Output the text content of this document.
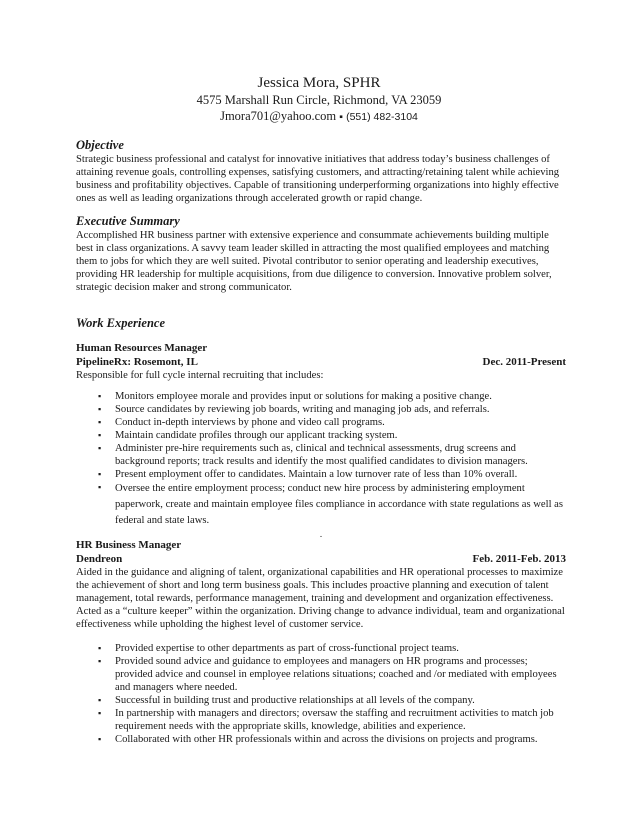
Jessica Mora, SPHR
4575 Marshall Run Circle, Richmond, VA 23059
Jmora701@yahoo.com ▪ (551) 482-3104

Objective

Strategic business professional and catalyst for innovative initiatives that address today’s business challenges of attaining revenue goals, controlling expenses, satisfying customers, and attracting/retaining talent while achieving business and profitability objectives. Capable of transitioning underperforming organizations into highly effective ones as well as leading organizations through accelerated growth or rapid change.

Executive Summary

Accomplished HR business partner with extensive experience and consummate achievements building multiple best in class organizations. A savvy team leader skilled in attracting the most qualified employees and matching them to jobs for which they are well suited. Pivotal contributor to senior operating and leadership executives, providing HR leadership for multiple acquisitions, from due diligence to conversion. Innovative problem solver, strategic decision maker and strong communicator.

Work Experience

Human Resources Manager

PipelineRx: Rosemont, IL	Dec. 2011-Present

Responsible for full cycle internal recruiting that includes:

▪ Monitors employee morale and provides input or solutions for making a positive change.
▪ Source candidates by reviewing job boards, writing and managing job ads, and referrals.
▪ Conduct in-depth interviews by phone and video call programs.
▪ Maintain candidate profiles through our applicant tracking system.
▪ Administer pre-hire requirements such as, clinical and technical assessments, drug screens and background reports; track results and identify the most qualified candidates to division managers.
▪ Present employment offer to candidates. Maintain a low turnover rate of less than 10% overall.
▪ Oversee the entire employment process; conduct new hire process by administering employment paperwork, create and maintain employee files compliance in accordance with state regulations as well as federal and state laws.
.

HR Business Manager

Dendreon	Feb. 2011-Feb. 2013

Aided in the guidance and aligning of talent, organizational capabilities and HR operational processes to maximize the achievement of short and long term business goals. This includes proactive planning and execution of talent management, total rewards, performance management, training and development and organization effectiveness. Acted as a “culture keeper” within the organization. Driving change to advance individual, team and organizational effectiveness while upholding the highest level of customer service.

▪ Provided expertise to other departments as part of cross-functional project teams.
▪ Provided sound advice and guidance to employees and managers on HR programs and processes; provided advice and counsel in employee relations situations; coached and /or mediated with employees and managers where needed.
▪ Successful in building trust and productive relationships at all levels of the company.
▪ In partnership with managers and directors; oversaw the staffing and recruitment activities to match job requirement needs with the appropriate skills, knowledge, abilities and experience.
▪ Collaborated with other HR professionals within and across the divisions on projects and programs.
